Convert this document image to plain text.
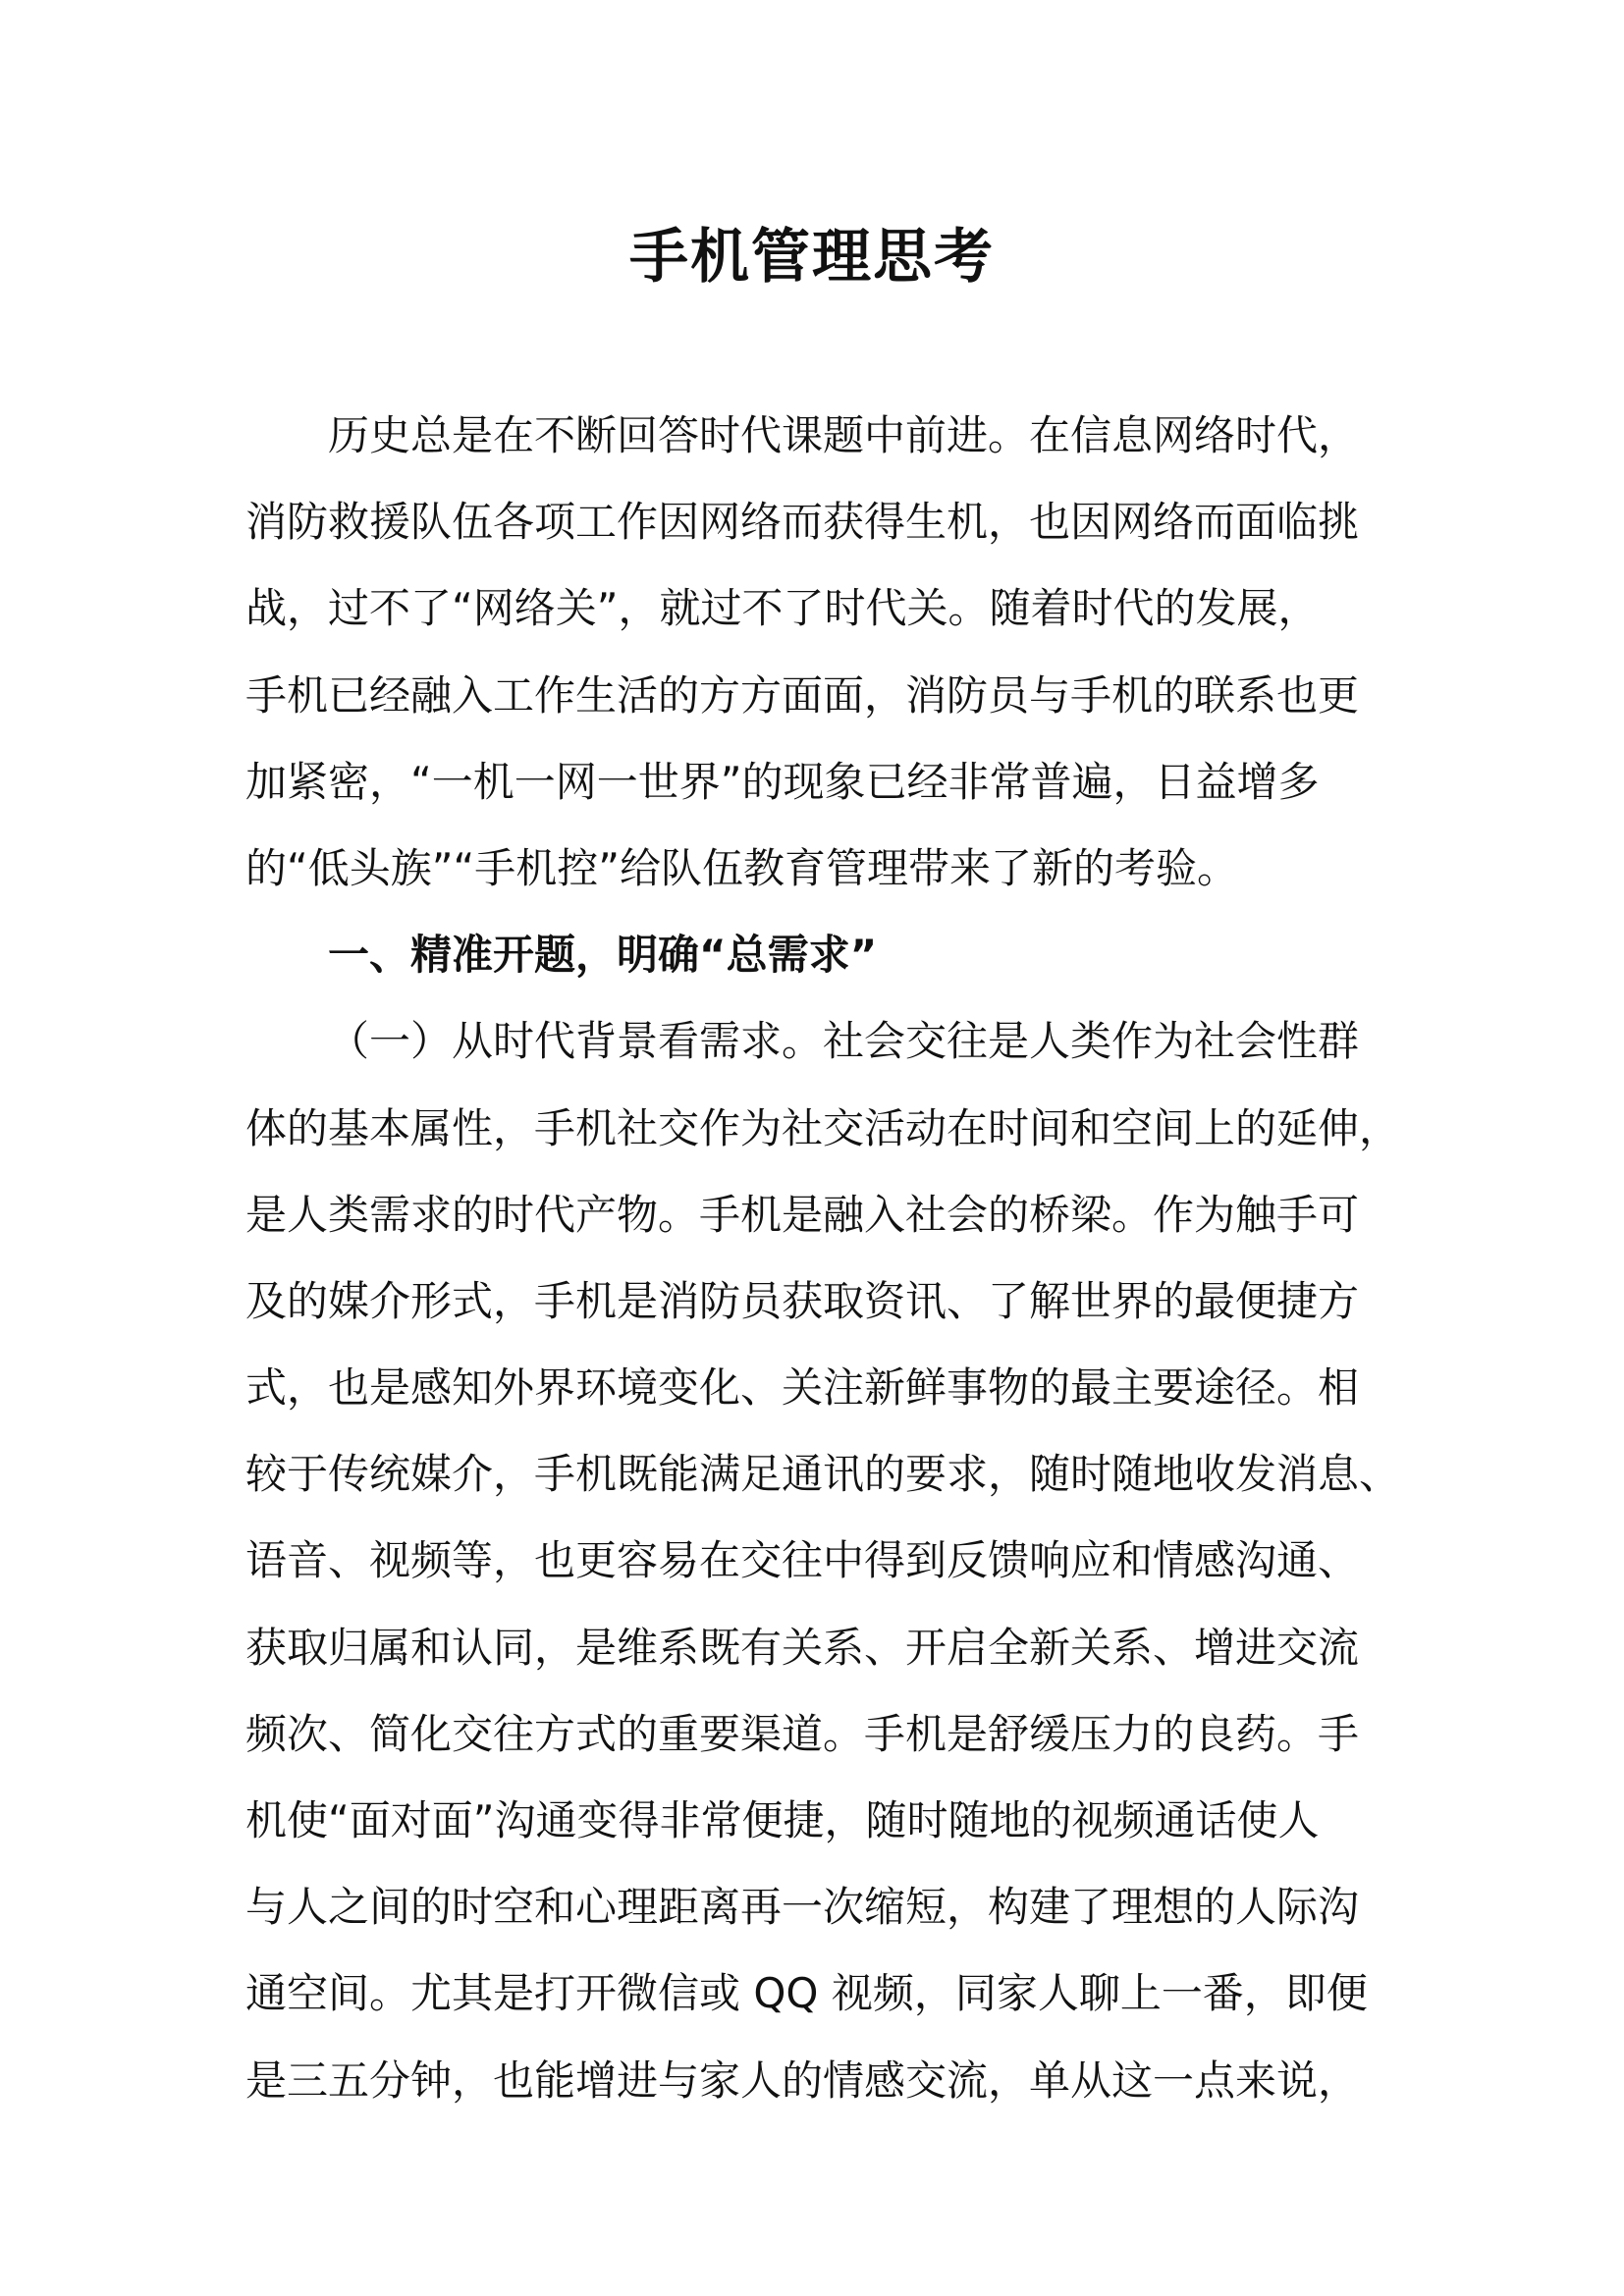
手机管理思考
历史总是在不断回答时代课题中前进。在信息网络时代，
消防救援队伍各项工作因网络而获得生机，也因网络而面临挑
战，过不了“网络关”，就过不了时代关。随着时代的发展，
手机已经融入工作生活的方方面面，消防员与手机的联系也更
加紧密，“一机一网一世界”的现象已经非常普遍，日益增多
的“低头族”“手机控”给队伍教育管理带来了新的考验。
一、精准开题，明确“总需求”
（一）从时代背景看需求。社会交往是人类作为社会性群
体的基本属性，手机社交作为社交活动在时间和空间上的延伸，
是人类需求的时代产物。手机是融入社会的桥梁。作为触手可
及的媒介形式，手机是消防员获取资讯、了解世界的最便捷方
式，也是感知外界环境变化、关注新鲜事物的最主要途径。相
较于传统媒介，手机既能满足通讯的要求，随时随地收发消息、
语音、视频等，也更容易在交往中得到反馈响应和情感沟通、
获取归属和认同，是维系既有关系、开启全新关系、增进交流
频次、简化交往方式的重要渠道。手机是舒缓压力的良药。手
机使“面对面”沟通变得非常便捷，随时随地的视频通话使人
与人之间的时空和心理距离再一次缩短，构建了理想的人际沟
通空间。尤其是打开微信或 QQ 视频，同家人聊上一番，即便
是三五分钟，也能增进与家人的情感交流，单从这一点来说，
